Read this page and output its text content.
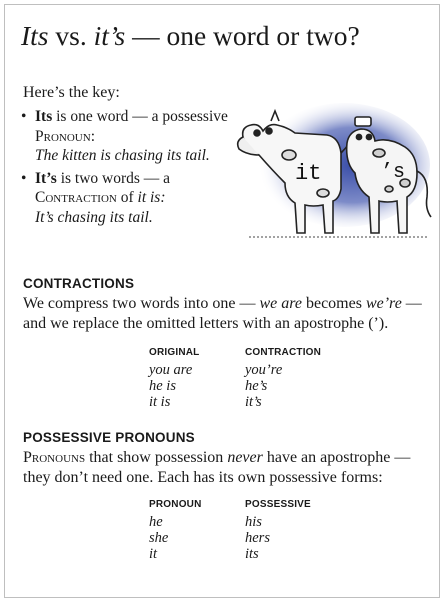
Its vs. it’s — one word or two?
Here’s the key:
• Its is one word — a possessive
Pronoun:
The kitten is chasing its tail.
• It’s is two words — a
Contraction of it is:
It’s chasing its tail.
it	’s
CONTRACTIONS
We compress two words into one — we are becomes we’re — and we replace the omitted letters with an apostrophe (’).
ORIGINAL	CONTRACTION
you are	you’re
he is	he’s
it is	it’s
POSSESSIVE PRONOUNS
Pronouns that show possession never have an apostrophe — they don’t need one. Each has its own possessive forms:
PRONOUN	POSSESSIVE
he	his
she	hers
it	its
